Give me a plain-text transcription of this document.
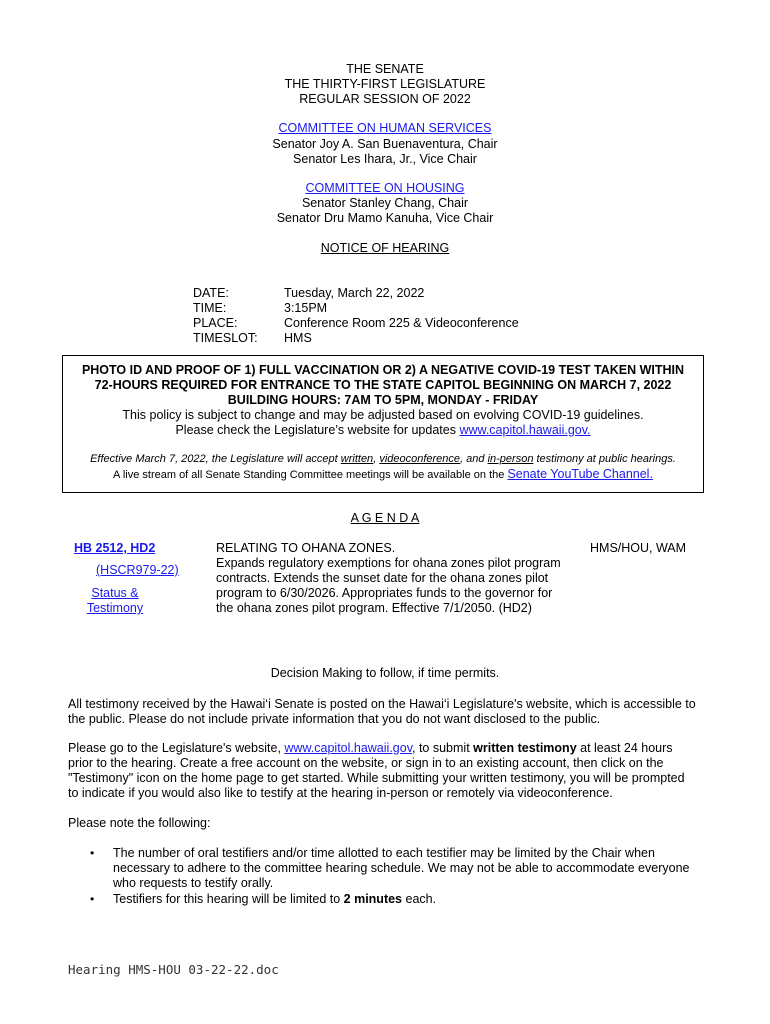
THE SENATE
THE THIRTY-FIRST LEGISLATURE
REGULAR SESSION OF 2022
COMMITTEE ON HUMAN SERVICES
Senator Joy A. San Buenaventura, Chair
Senator Les Ihara, Jr., Vice Chair
COMMITTEE ON HOUSING
Senator Stanley Chang, Chair
Senator Dru Mamo Kanuha, Vice Chair
NOTICE OF HEARING
DATE:
TIME:
PLACE:
TIMESLOT:
Tuesday, March 22, 2022
3:15PM
Conference Room 225 & Videoconference
HMS
PHOTO ID AND PROOF OF 1) FULL VACCINATION OR 2) A NEGATIVE COVID-19 TEST TAKEN WITHIN
72-HOURS REQUIRED FOR ENTRANCE TO THE STATE CAPITOL BEGINNING ON MARCH 7, 2022
BUILDING HOURS: 7AM TO 5PM, MONDAY - FRIDAY
This policy is subject to change and may be adjusted based on evolving COVID-19 guidelines.
Please check the Legislature’s website for updates www.capitol.hawaii.gov.
Effective March 7, 2022, the Legislature will accept written, videoconference, and in-person testimony at public hearings.
A live stream of all Senate Standing Committee meetings will be available on the Senate YouTube Channel.
A G E N D A
HB 2512, HD2
(HSCR979-22)
Status &
Testimony
RELATING TO OHANA ZONES.
Expands regulatory exemptions for ohana zones pilot program
contracts. Extends the sunset date for the ohana zones pilot
program to 6/30/2026. Appropriates funds to the governor for
the ohana zones pilot program. Effective 7/1/2050. (HD2)
HMS/HOU, WAM
Decision Making to follow, if time permits.
All testimony received by the Hawai‘i Senate is posted on the Hawai‘i Legislature's website, which is accessible to
the public. Please do not include private information that you do not want disclosed to the public.
Please go to the Legislature's website, www.capitol.hawaii.gov, to submit written testimony at least 24 hours
prior to the hearing. Create a free account on the website, or sign in to an existing account, then click on the
"Testimony" icon on the home page to get started. While submitting your written testimony, you will be prompted
to indicate if you would also like to testify at the hearing in-person or remotely via videoconference.
Please note the following:
• The number of oral testifiers and/or time allotted to each testifier may be limited by the Chair when
necessary to adhere to the committee hearing schedule. We may not be able to accommodate everyone
who requests to testify orally.
• Testifiers for this hearing will be limited to 2 minutes each.
Hearing HMS-HOU 03-22-22.doc
